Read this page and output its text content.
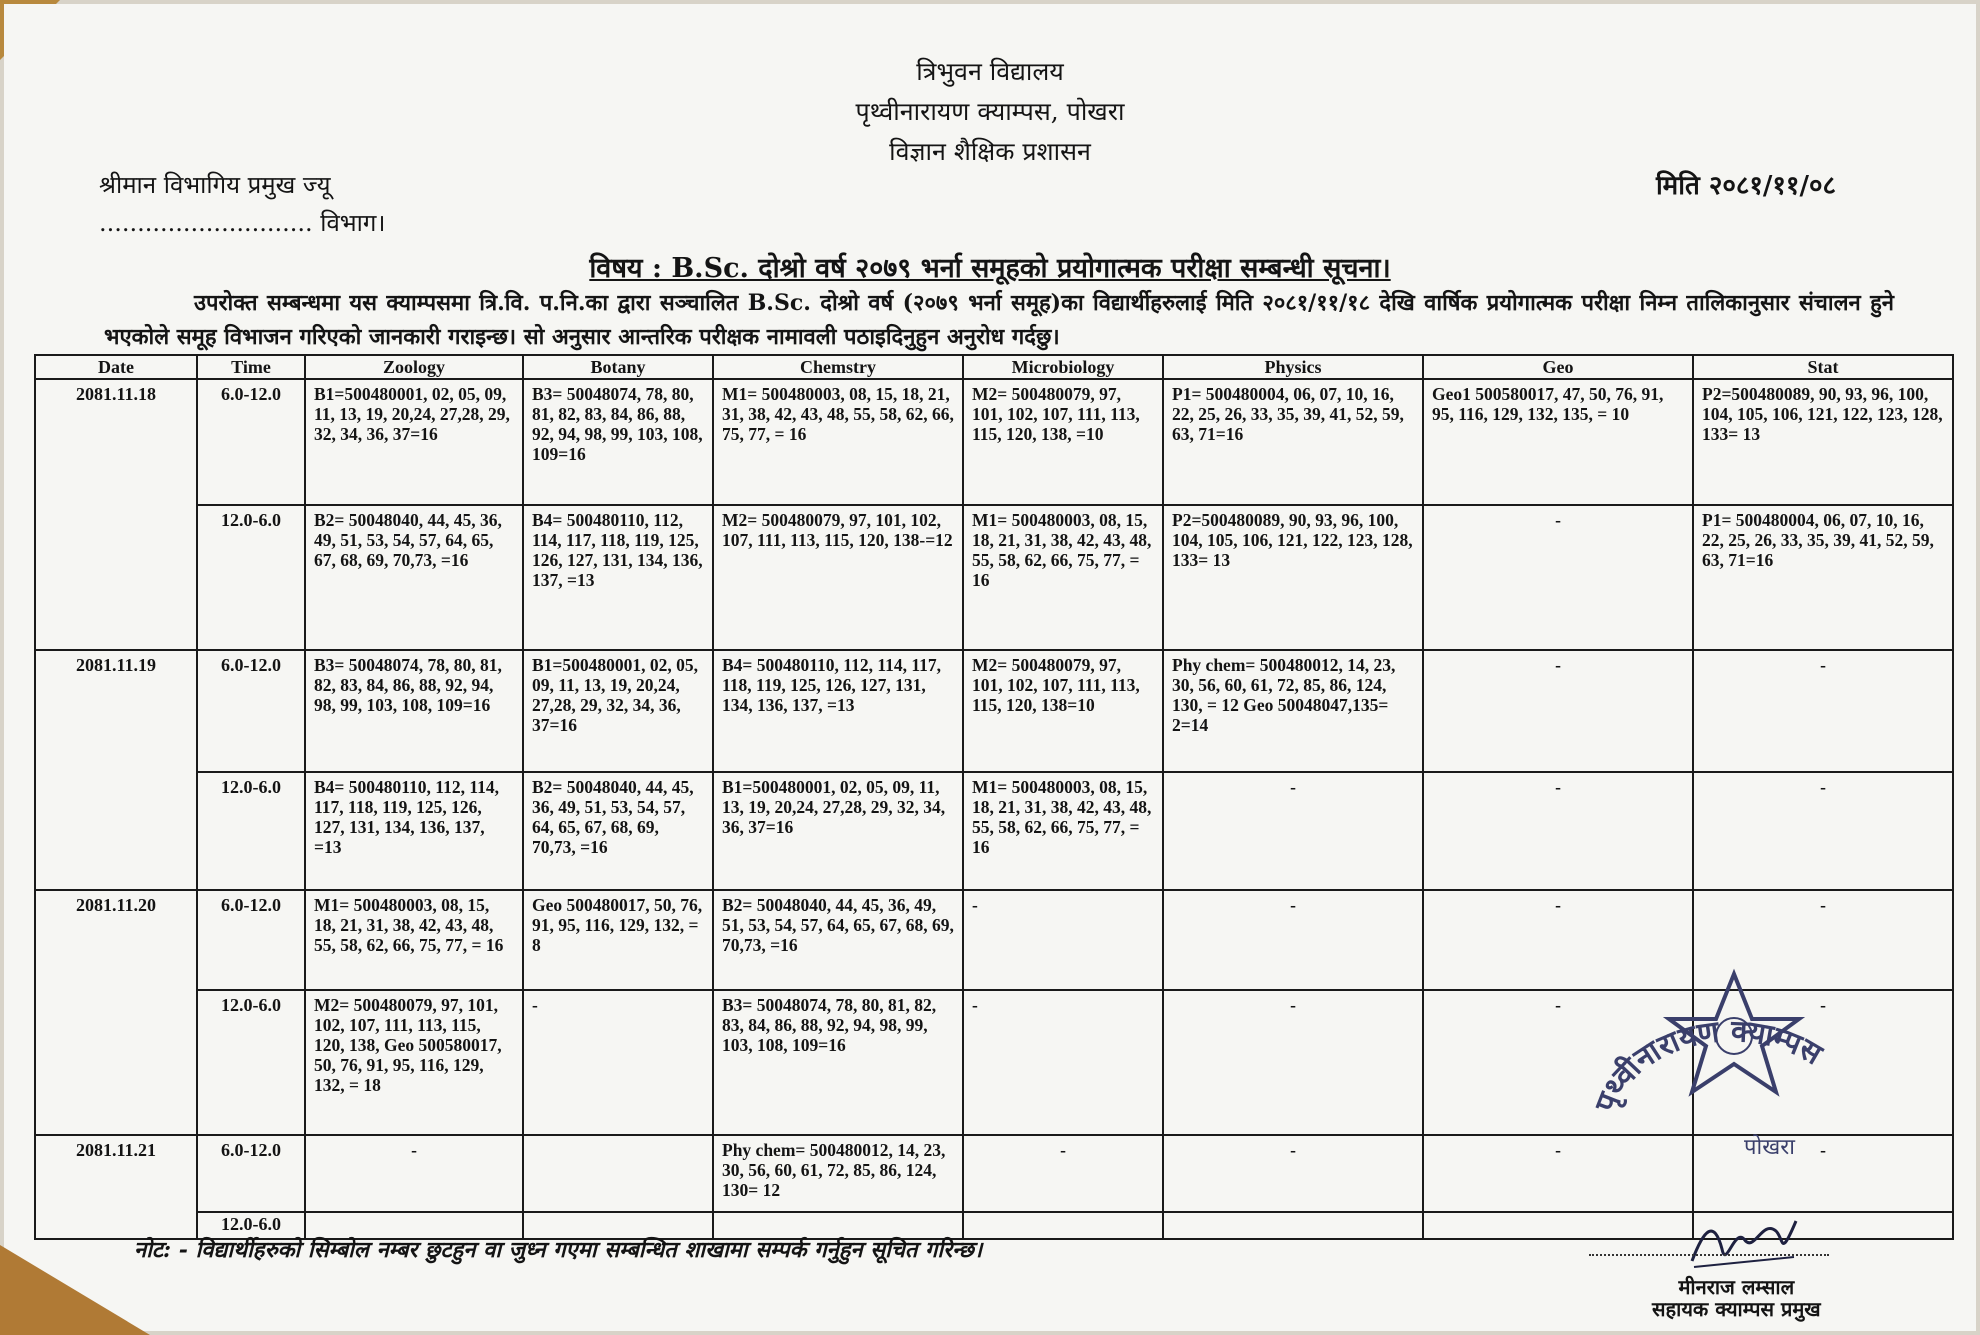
त्रिभुवन विद्यालय
पृथ्वीनारायण क्याम्पस, पोखरा
विज्ञान शैक्षिक प्रशासन
श्रीमान विभागिय प्रमुख ज्यू
............................ विभाग।
मिति २०८१/११/०८
विषय : B.Sc. दोश्रो वर्ष २०७९ भर्ना समूहको प्रयोगात्मक परीक्षा सम्बन्धी सूचना।
उपरोक्त सम्बन्धमा यस क्याम्पसमा त्रि.वि. प.नि.का द्वारा सञ्चालित B.Sc. दोश्रो वर्ष (२०७९ भर्ना समूह)का विद्यार्थीहरुलाई मिति २०८१/११/१८ देखि वार्षिक प्रयोगात्मक परीक्षा निम्न तालिकानुसार संचालन हुने भएकोले समूह विभाजन गरिएको जानकारी गराइन्छ। सो अनुसार आन्तरिक परीक्षक नामावली पठाइदिनुहुन अनुरोध गर्दछु।
Date	Time	Zoology	Botany	Chemstry	Microbiology	Physics	Geo	Stat
2081.11.18	6.0-12.0	B1=500480001, 02, 05, 09, 11, 13, 19, 20,24, 27,28, 29, 32, 34, 36, 37=16	B3= 50048074, 78, 80, 81, 82, 83, 84, 86, 88, 92, 94, 98, 99, 103, 108, 109=16	M1= 500480003, 08, 15, 18, 21, 31, 38, 42, 43, 48, 55, 58, 62, 66, 75, 77, = 16	M2= 500480079, 97, 101, 102, 107, 111, 113, 115, 120, 138, =10	P1= 500480004, 06, 07, 10, 16, 22, 25, 26, 33, 35, 39, 41, 52, 59, 63, 71=16	Geo1 500580017, 47, 50, 76, 91, 95, 116, 129, 132, 135, = 10	P2=500480089, 90, 93, 96, 100, 104, 105, 106, 121, 122, 123, 128, 133= 13
	12.0-6.0	B2= 50048040, 44, 45, 36, 49, 51, 53, 54, 57, 64, 65, 67, 68, 69, 70,73, =16	B4= 500480110, 112, 114, 117, 118, 119, 125, 126, 127, 131, 134, 136, 137, =13	M2= 500480079, 97, 101, 102, 107, 111, 113, 115, 120, 138-=12	M1= 500480003, 08, 15, 18, 21, 31, 38, 42, 43, 48, 55, 58, 62, 66, 75, 77, = 16	P2=500480089, 90, 93, 96, 100, 104, 105, 106, 121, 122, 123, 128, 133= 13	-	P1= 500480004, 06, 07, 10, 16, 22, 25, 26, 33, 35, 39, 41, 52, 59, 63, 71=16
2081.11.19	6.0-12.0	B3= 50048074, 78, 80, 81, 82, 83, 84, 86, 88, 92, 94, 98, 99, 103, 108, 109=16	B1=500480001, 02, 05, 09, 11, 13, 19, 20,24, 27,28, 29, 32, 34, 36, 37=16	B4= 500480110, 112, 114, 117, 118, 119, 125, 126, 127, 131, 134, 136, 137, =13	M2= 500480079, 97, 101, 102, 107, 111, 113, 115, 120, 138=10	Phy chem= 500480012, 14, 23, 30, 56, 60, 61, 72, 85, 86, 124, 130, = 12 Geo 50048047,135= 2=14	-	-
	12.0-6.0	B4= 500480110, 112, 114, 117, 118, 119, 125, 126, 127, 131, 134, 136, 137, =13	B2= 50048040, 44, 45, 36, 49, 51, 53, 54, 57, 64, 65, 67, 68, 69, 70,73, =16	B1=500480001, 02, 05, 09, 11, 13, 19, 20,24, 27,28, 29, 32, 34, 36, 37=16	M1= 500480003, 08, 15, 18, 21, 31, 38, 42, 43, 48, 55, 58, 62, 66, 75, 77, = 16	-	-	-
2081.11.20	6.0-12.0	M1= 500480003, 08, 15, 18, 21, 31, 38, 42, 43, 48, 55, 58, 62, 66, 75, 77, = 16	Geo 500480017, 50, 76, 91, 95, 116, 129, 132, = 8	B2= 50048040, 44, 45, 36, 49, 51, 53, 54, 57, 64, 65, 67, 68, 69, 70,73, =16	-	-	-	-
	12.0-6.0	M2= 500480079, 97, 101, 102, 107, 111, 113, 115, 120, 138, Geo 500580017, 50, 76, 91, 95, 116, 129, 132, = 18	-	B3= 50048074, 78, 80, 81, 82, 83, 84, 86, 88, 92, 94, 98, 99, 103, 108, 109=16	-	-	-	-
2081.11.21	6.0-12.0	-		Phy chem= 500480012, 14, 23, 30, 56, 60, 61, 72, 85, 86, 124, 130= 12	-	-	-	-
	12.0-6.0							
पृथ्वीनारायण क्याम्पस
पोखरा
नोट: - विद्यार्थीहरुको सिम्बोल नम्बर छुटहुन वा जुध्न गएमा सम्बन्धित शाखामा सम्पर्क गर्नुहुन सूचित गरिन्छ।
मीनराज लम्साल
सहायक क्याम्पस प्रमुख
